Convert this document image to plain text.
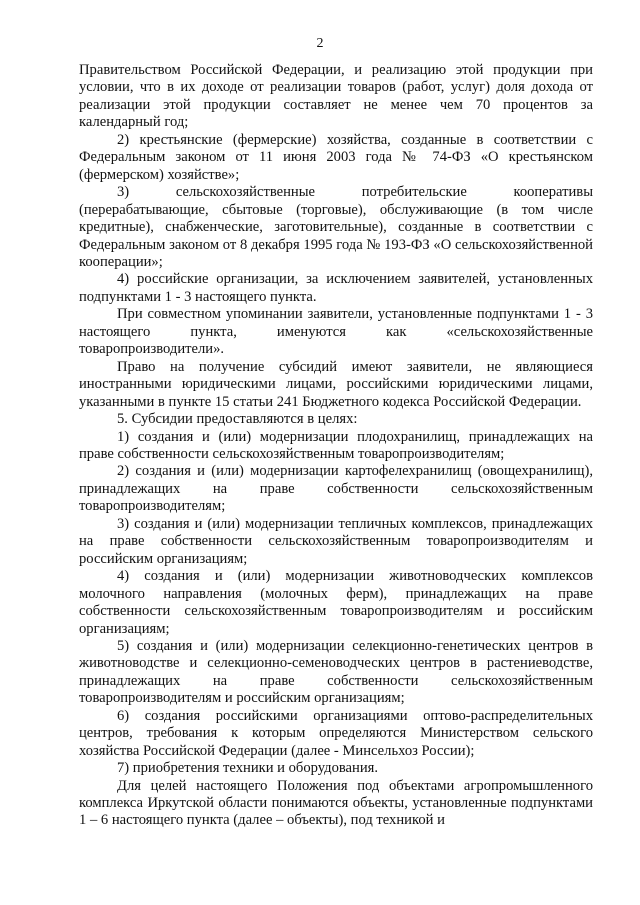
2

Правительством Российской Федерации, и реализацию этой продукции при условии, что в их доходе от реализации товаров (работ, услуг) доля дохода от реализации этой продукции составляет не менее чем 70 процентов за календарный год;

2) крестьянские (фермерские) хозяйства, созданные в соответствии с Федеральным законом от 11 июня 2003 года № 74-ФЗ «О крестьянском (фермерском) хозяйстве»;

3) сельскохозяйственные потребительские кооперативы (перерабатывающие, сбытовые (торговые), обслуживающие (в том числе кредитные), снабженческие, заготовительные), созданные в соответствии с Федеральным законом от 8 декабря 1995 года № 193-ФЗ «О сельскохозяйственной кооперации»;

4) российские организации, за исключением заявителей, установленных подпунктами 1 - 3 настоящего пункта.

При совместном упоминании заявители, установленные подпунктами 1 - 3 настоящего пункта, именуются как «сельскохозяйственные товаропроизводители».

Право на получение субсидий имеют заявители, не являющиеся иностранными юридическими лицами, российскими юридическими лицами, указанными в пункте 15 статьи 241 Бюджетного кодекса Российской Федерации.

5. Субсидии предоставляются в целях:

1) создания и (или) модернизации плодохранилищ, принадлежащих на праве собственности сельскохозяйственным товаропроизводителям;

2) создания и (или) модернизации картофелехранилищ (овощехранилищ), принадлежащих на праве собственности сельскохозяйственным товаропроизводителям;

3) создания и (или) модернизации тепличных комплексов, принадлежащих на праве собственности сельскохозяйственным товаропроизводителям и российским организациям;

4) создания и (или) модернизации животноводческих комплексов молочного направления (молочных ферм), принадлежащих на праве собственности сельскохозяйственным товаропроизводителям и российским организациям;

5) создания и (или) модернизации селекционно-генетических центров в животноводстве и селекционно-семеноводческих центров в растениеводстве, принадлежащих на праве собственности сельскохозяйственным товаропроизводителям и российским организациям;

6) создания российскими организациями оптово-распределительных центров, требования к которым определяются Министерством сельского хозяйства Российской Федерации (далее - Минсельхоз России);

7) приобретения техники и оборудования.

Для целей настоящего Положения под объектами агропромышленного комплекса Иркутской области понимаются объекты, установленные подпунктами 1 – 6 настоящего пункта (далее – объекты), под техникой и
